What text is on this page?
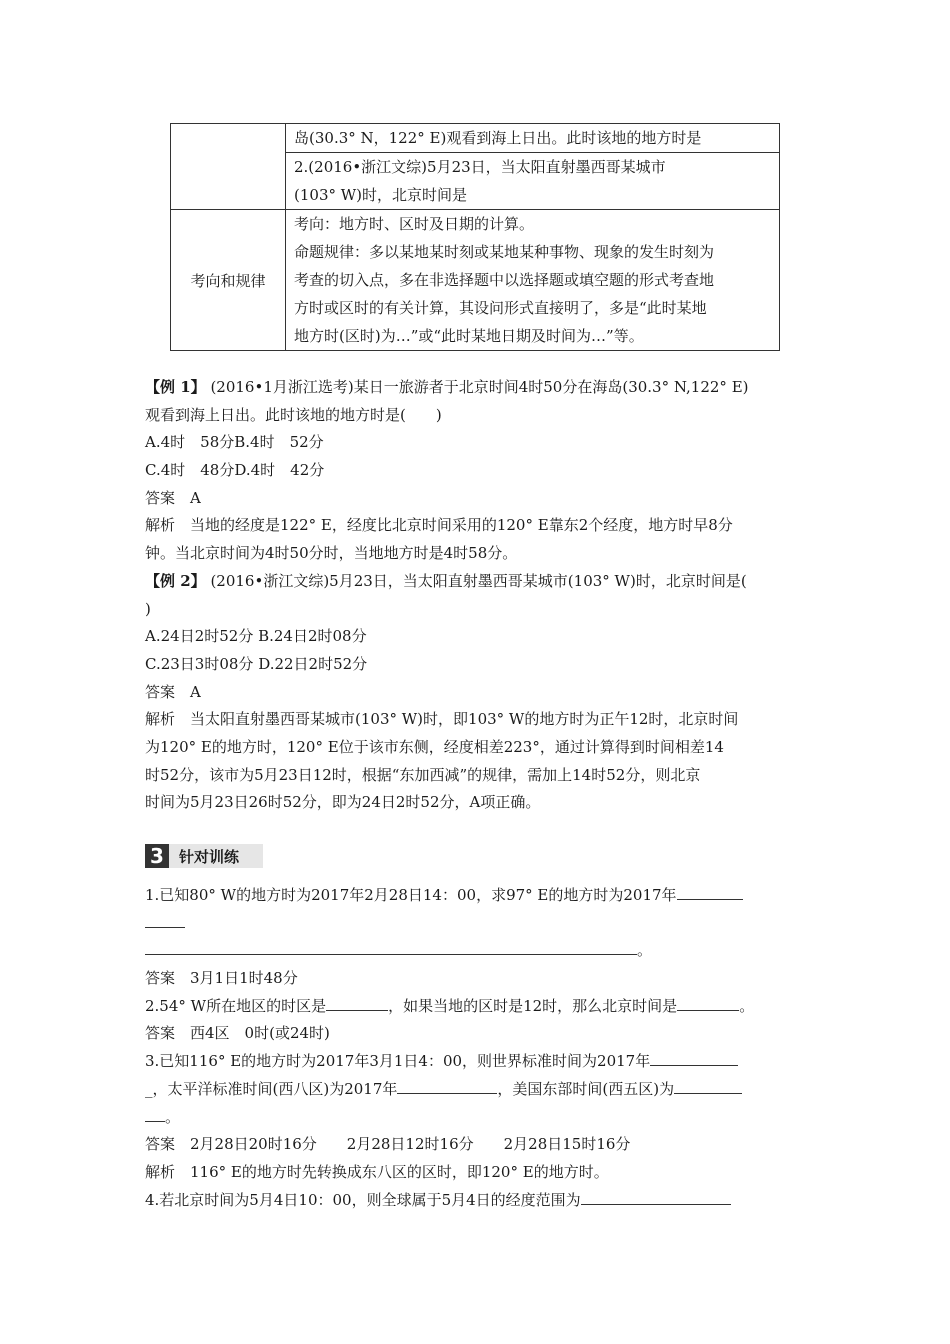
	岛(30.3° N，122° E)观看到海上日出。此时该地的地方时是

	2.(2016•浙江文综)5月23日，当太阳直射墨西哥某城市
(103° W)时，北京时间是

考向和规律	考向：地方时、区时及日期的计算。
命题规律：多以某地某时刻或某地某种事物、现象的发生时刻为
考查的切入点，多在非选择题中以选择题或填空题的形式考查地
方时或区时的有关计算，其设问形式直接明了，多是“此时某地
地方时(区时)为…”或“此时某地日期及时间为…”等。
【例 1】 (2016•1月浙江选考)某日一旅游者于北京时间4时50分在海岛(30.3° N,122° E)
观看到海上日出。此时该地的地方时是(　　)
A.4时　58分B.4时　52分
C.4时　48分D.4时　42分
答案　A
解析　当地的经度是122° E，经度比北京时间采用的120° E靠东2个经度，地方时早8分
钟。当北京时间为4时50分时，当地地方时是4时58分。
【例 2】 (2016•浙江文综)5月23日，当太阳直射墨西哥某城市(103° W)时，北京时间是(
)
A.24日2时52分 B.24日2时08分
C.23日3时08分 D.22日2时52分
答案　A
解析　当太阳直射墨西哥某城市(103° W)时，即103° W的地方时为正午12时，北京时间
为120° E的地方时，120° E位于该市东侧，经度相差223°，通过计算得到时间相差14
时52分，该市为5月23日12时，根据“东加西减”的规律，需加上14时52分，则北京
时间为5月23日26时52分，即为24日2时52分，A项正确。
3	针对训练
1.已知80° W的地方时为2017年2月28日14：00，求97° E的地方时为2017年
。
答案　3月1日1时48分
2.54° W所在地区的时区是	，如果当地的区时是12时，那么北京时间是	。
答案　西4区　0时(或24时)
3.已知116° E的地方时为2017年3月1日4：00，则世界标准时间为2017年
_，太平洋标准时间(西八区)为2017年	，美国东部时间(西五区)为
。
答案　2月28日20时16分　　2月28日12时16分　　2月28日15时16分
解析　116° E的地方时先转换成东八区的区时，即120° E的地方时。
4.若北京时间为5月4日10：00，则全球属于5月4日的经度范围为
